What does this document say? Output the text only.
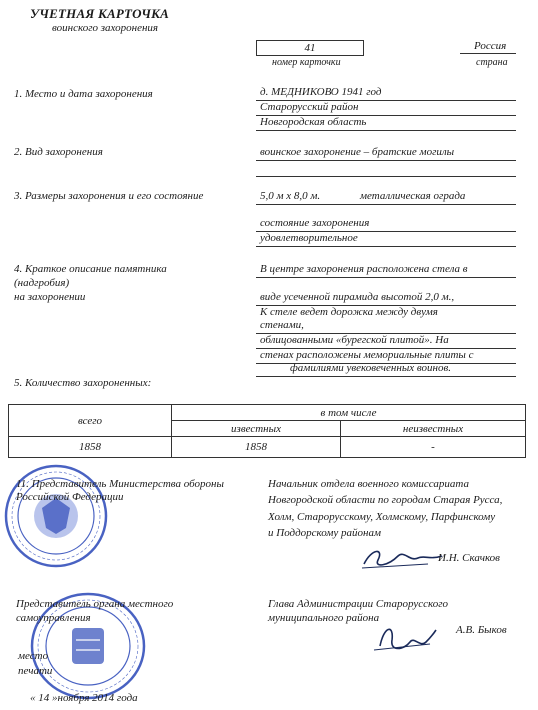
УЧЕТНАЯ КАРТОЧКА
воинского захоронения
41
номер карточки
Россия
страна
1. Место и дата захоронения	д. МЕДНИКОВО 1941 год
Старорусский район
Новгородская область
2. Вид захоронения	воинское захоронение – братские могилы
3. Размеры захоронения и его состояние	5,0 м х 8,0 м.	металлическая ограда
состояние захоронения
удовлетворительное
4. Краткое описание памятника
(надгробия)
на захоронении
В центре захоронения расположена стела в
виде усеченной пирамида высотой 2,0 м.,
К стеле ведет дорожка между двумя
стенами,
облицованными «бурегской плитой». На
стенах расположены мемориальные плиты с
фамилиями увековеченных воинов.
5. Количество захороненных:
всего	в том числе	
	известных	неизвестных
1858	1858	-
11. Представитель Министерства обороны
Российской Федерации
Начальник отдела военного комиссариата
Новгородской области по городам Старая Русса,
Холм, Старорусскому, Холмскому, Парфинскому
и Поддорскому районам
И.Н. Скачков
Представитель органа местного
самоуправления
Глава Администрации Старорусского
муниципального района
А.В. Быков
место
печати
« 14 »ноября 2014 года
